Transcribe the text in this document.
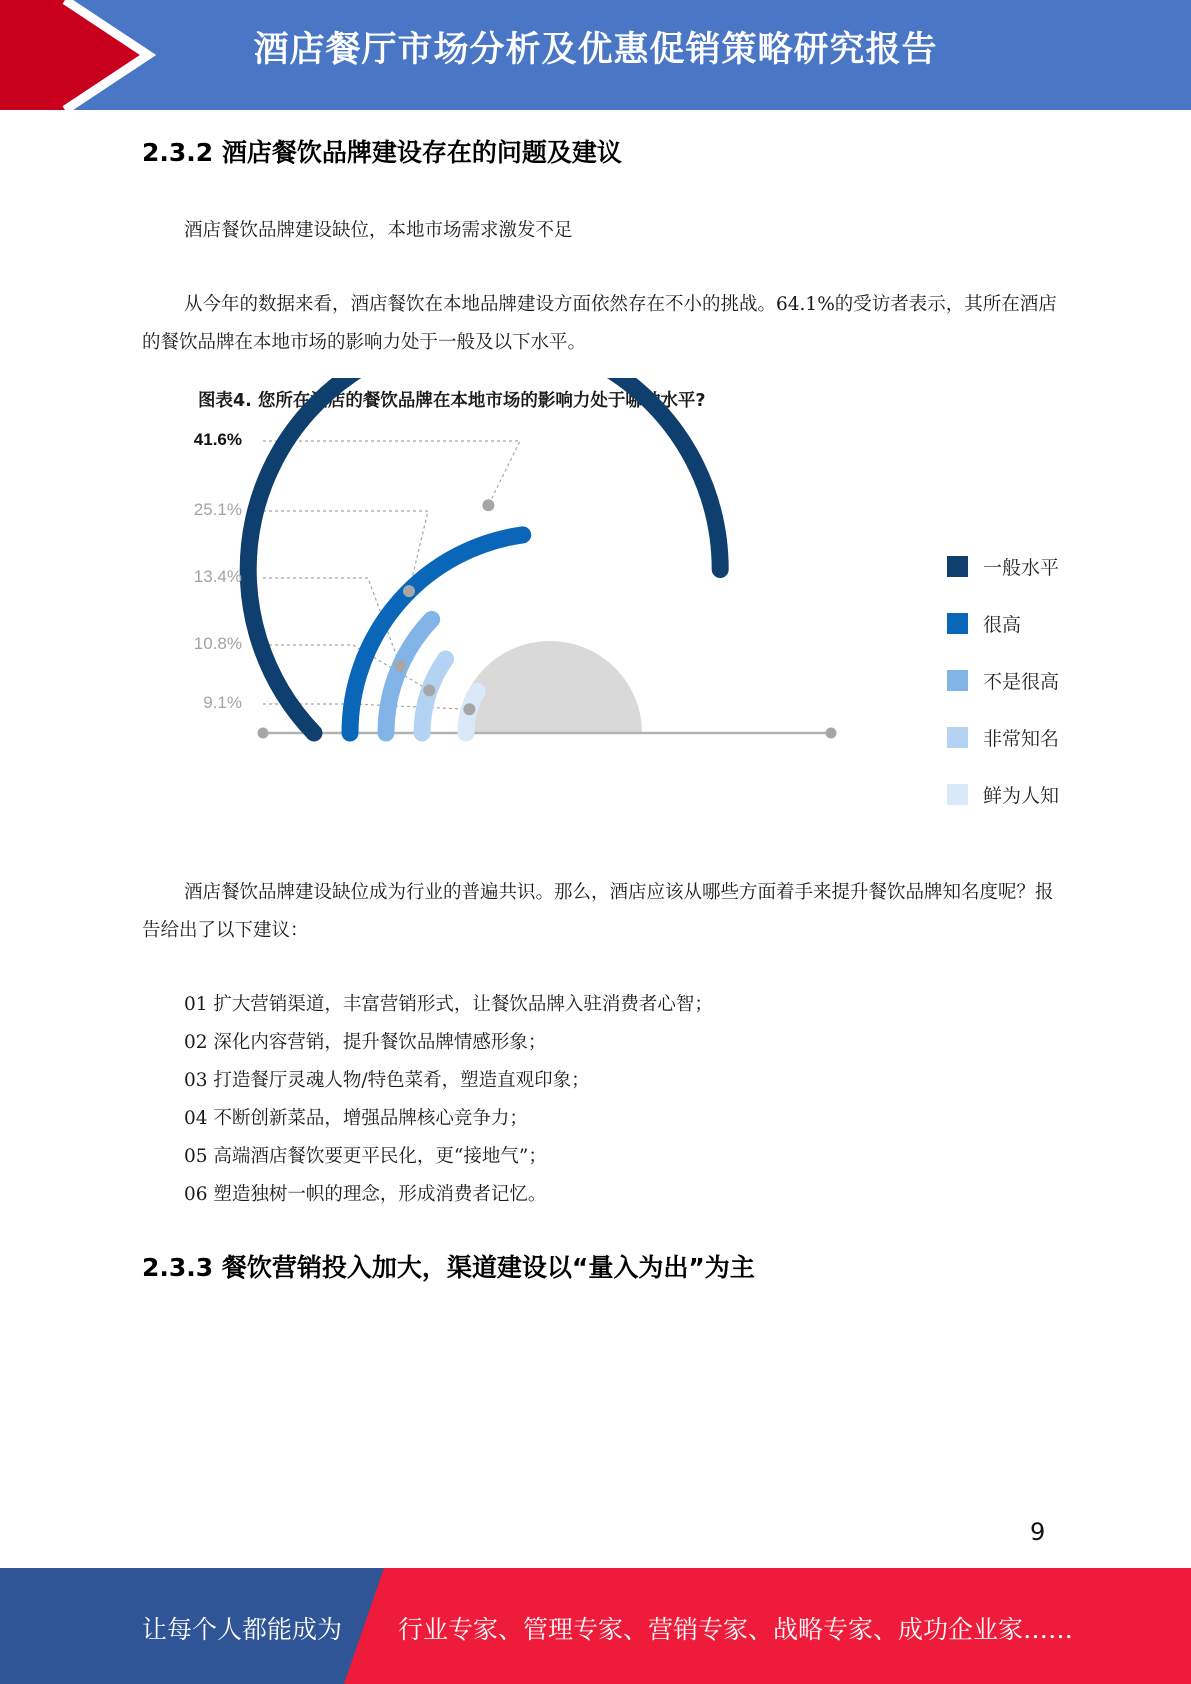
酒店餐厅市场分析及优惠促销策略研究报告
2.3.2 酒店餐饮品牌建设存在的问题及建议

酒店餐饮品牌建设缺位，本地市场需求激发不足

从今年的数据来看，酒店餐饮在本地品牌建设方面依然存在不小的挑战。64.1%的受访者表示，其所在酒店的餐饮品牌在本地市场的影响力处于一般及以下水平。

图表4. 您所在酒店的餐饮品牌在本地市场的影响力处于哪种水平?
41.6%
25.1%
13.4%
10.8%
9.1%
一般水平
很高
不是很高
非常知名
鲜为人知

酒店餐饮品牌建设缺位成为行业的普遍共识。那么，酒店应该从哪些方面着手来提升餐饮品牌知名度呢？报告给出了以下建议：

01 扩大营销渠道，丰富营销形式，让餐饮品牌入驻消费者心智；
02 深化内容营销，提升餐饮品牌情感形象；
03 打造餐厅灵魂人物/特色菜肴，塑造直观印象；
04 不断创新菜品，增强品牌核心竞争力；
05 高端酒店餐饮要更平民化，更“接地气”；
06 塑造独树一帜的理念，形成消费者记忆。
2.3.3 餐饮营销投入加大，渠道建设以“量入为出”为主
9
让每个人都能成为 行业专家、管理专家、营销专家、战略专家、成功企业家……
